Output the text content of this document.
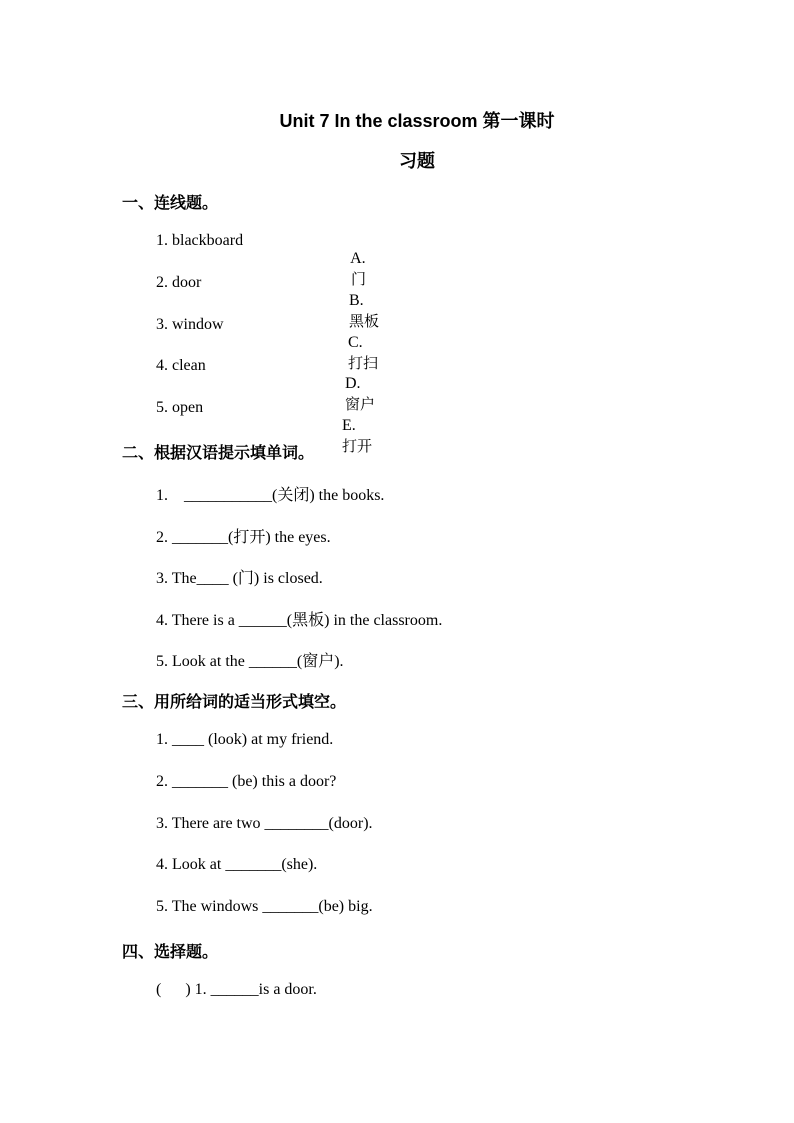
Unit 7 In the classroom 第一课时
习题
一、连线题。
1. blackboard

A.
门

2. door

B.
黑板

3. window

C.
打扫

4. clean

D.
窗户

5. open

E.
打开

二、根据汉语提示填单词。
1.    ___________(关闭) the books.
2. _______(打开) the eyes.
3. The____ (门) is closed.
4. There is a ______(黑板) in the classroom.
5. Look at the ______(窗户).
三、用所给词的适当形式填空。
1. ____ (look) at my friend.
2. _______ (be) this a door?
3. There are two ________(door).
4. Look at _______(she).
5. The windows _______(be) big.
四、选择题。
(      ) 1. ______is a door.
